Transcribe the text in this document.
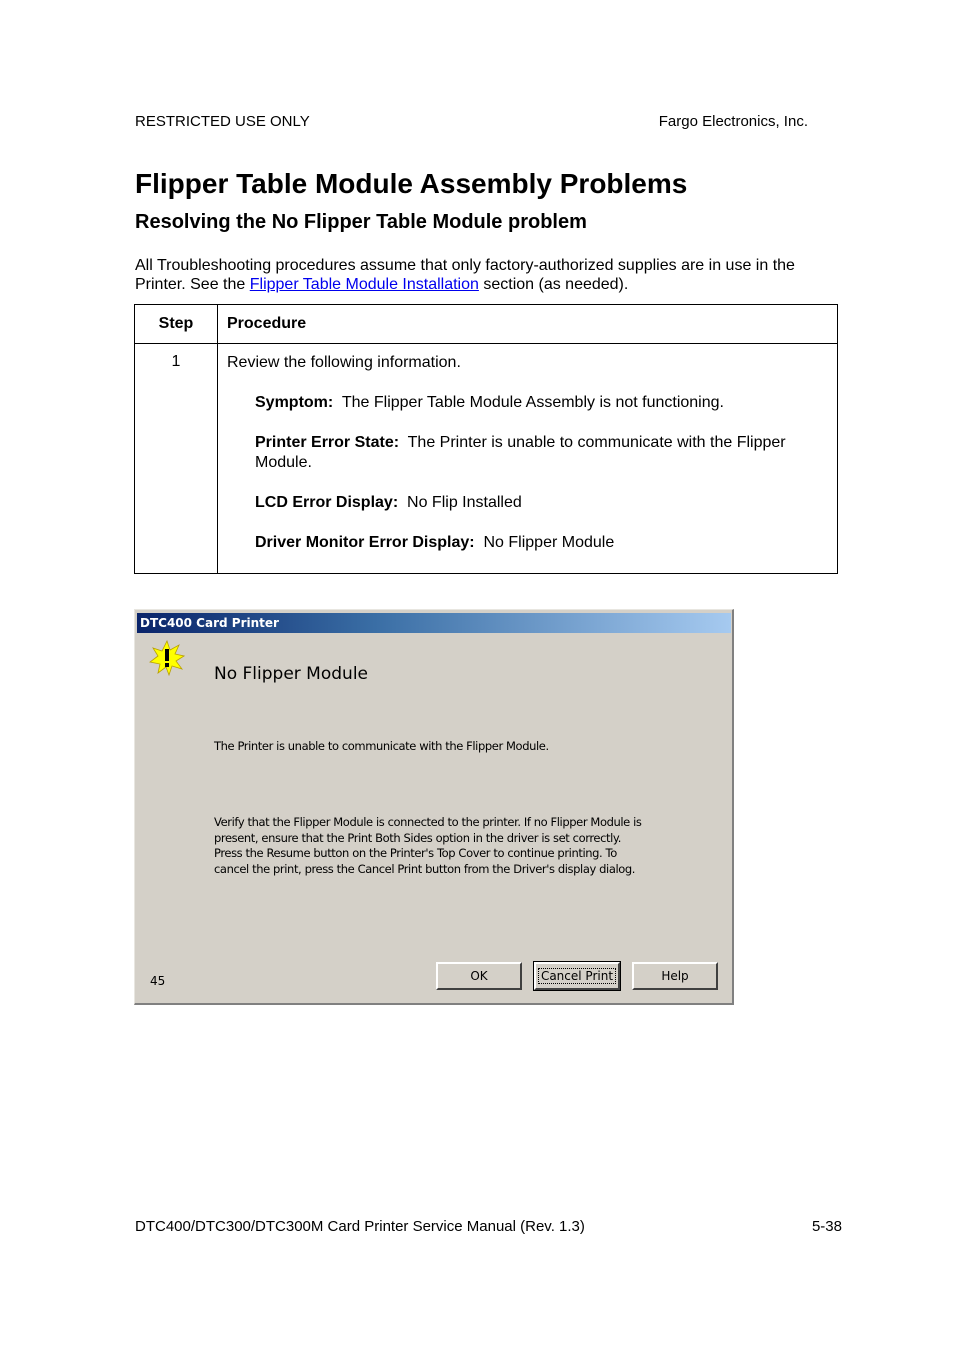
RESTRICTED USE ONLY	Fargo Electronics, Inc.
Flipper Table Module Assembly Problems
Resolving the No Flipper Table Module problem
All Troubleshooting procedures assume that only factory-authorized supplies are in use in the Printer. See the Flipper Table Module Installation section (as needed).
Step	Procedure
1	Review the following information.
Symptom: The Flipper Table Module Assembly is not functioning.
Printer Error State: The Printer is unable to communicate with the Flipper Module.
LCD Error Display: No Flip Installed
Driver Monitor Error Display: No Flipper Module
DTC400 Card Printer
No Flipper Module
The Printer is unable to communicate with the Flipper Module.
Verify that the Flipper Module is connected to the printer. If no Flipper Module is
present, ensure that the Print Both Sides option in the driver is set correctly.
Press the Resume button on the Printer's Top Cover to continue printing. To
cancel the print, press the Cancel Print button from the Driver's display dialog.
45	OK	Cancel Print	Help
DTC400/DTC300/DTC300M Card Printer Service Manual (Rev. 1.3)	5-38
